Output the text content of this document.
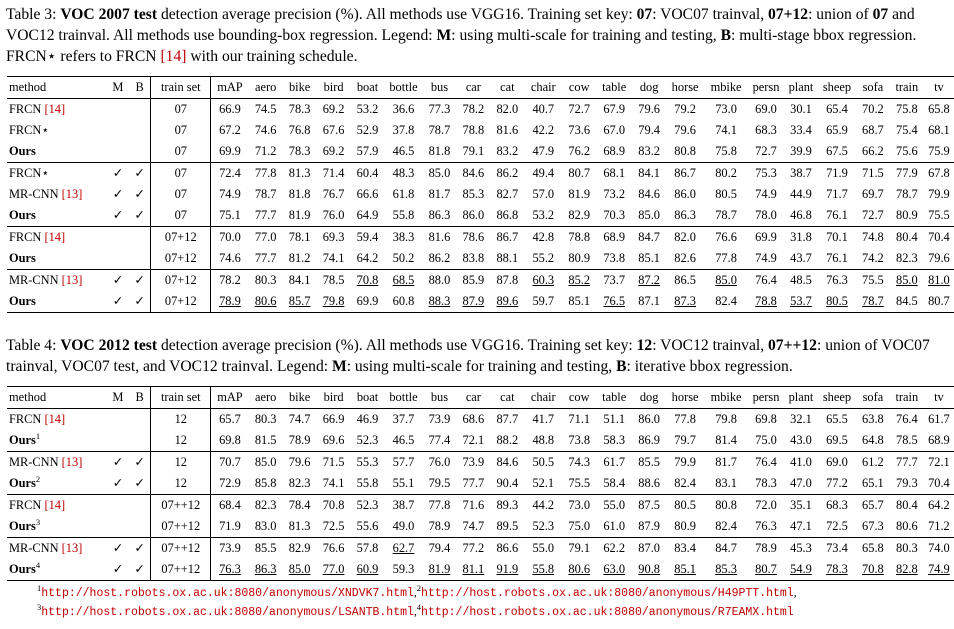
Table 3: VOC 2007 test detection average precision (%). All methods use VGG16. Training set key: 07: VOC07 trainval, 07+12: union of 07 and VOC12 trainval. All methods use bounding-box regression. Legend: M: using multi-scale for training and testing, B: multi-stage bbox regression. FRCN⋆ refers to FRCN [14] with our training schedule.
method	M	B	train set	mAP	aero	bike	bird	boat	bottle	bus	car	cat	chair	cow	table	dog	horse	mbike	persn	plant	sheep	sofa	train	tv
FRCN [14]			07	66.9	74.5	78.3	69.2	53.2	36.6	77.3	78.2	82.0	40.7	72.7	67.9	79.6	79.2	73.0	69.0	30.1	65.4	70.2	75.8	65.8
FRCN⋆			07	67.2	74.6	76.8	67.6	52.9	37.8	78.7	78.8	81.6	42.2	73.6	67.0	79.4	79.6	74.1	68.3	33.4	65.9	68.7	75.4	68.1
Ours			07	69.9	71.2	78.3	69.2	57.9	46.5	81.8	79.1	83.2	47.9	76.2	68.9	83.2	80.8	75.8	72.7	39.9	67.5	66.2	75.6	75.9
FRCN⋆	✓	✓	07	72.4	77.8	81.3	71.4	60.4	48.3	85.0	84.6	86.2	49.4	80.7	68.1	84.1	86.7	80.2	75.3	38.7	71.9	71.5	77.9	67.8
MR-CNN [13]	✓	✓	07	74.9	78.7	81.8	76.7	66.6	61.8	81.7	85.3	82.7	57.0	81.9	73.2	84.6	86.0	80.5	74.9	44.9	71.7	69.7	78.7	79.9
Ours	✓	✓	07	75.1	77.7	81.9	76.0	64.9	55.8	86.3	86.0	86.8	53.2	82.9	70.3	85.0	86.3	78.7	78.0	46.8	76.1	72.7	80.9	75.5
FRCN [14]			07+12	70.0	77.0	78.1	69.3	59.4	38.3	81.6	78.6	86.7	42.8	78.8	68.9	84.7	82.0	76.6	69.9	31.8	70.1	74.8	80.4	70.4
Ours			07+12	74.6	77.7	81.2	74.1	64.2	50.2	86.2	83.8	88.1	55.2	80.9	73.8	85.1	82.6	77.8	74.9	43.7	76.1	74.2	82.3	79.6
MR-CNN [13]	✓	✓	07+12	78.2	80.3	84.1	78.5	70.8	68.5	88.0	85.9	87.8	60.3	85.2	73.7	87.2	86.5	85.0	76.4	48.5	76.3	75.5	85.0	81.0
Ours	✓	✓	07+12	78.9	80.6	85.7	79.8	69.9	60.8	88.3	87.9	89.6	59.7	85.1	76.5	87.1	87.3	82.4	78.8	53.7	80.5	78.7	84.5	80.7
Table 4: VOC 2012 test detection average precision (%). All methods use VGG16. Training set key: 12: VOC12 trainval, 07++12: union of VOC07 trainval, VOC07 test, and VOC12 trainval. Legend: M: using multi-scale for training and testing, B: iterative bbox regression.
method	M	B	train set	mAP	aero	bike	bird	boat	bottle	bus	car	cat	chair	cow	table	dog	horse	mbike	persn	plant	sheep	sofa	train	tv
FRCN [14]			12	65.7	80.3	74.7	66.9	46.9	37.7	73.9	68.6	87.7	41.7	71.1	51.1	86.0	77.8	79.8	69.8	32.1	65.5	63.8	76.4	61.7
Ours$^1$			12	69.8	81.5	78.9	69.6	52.3	46.5	77.4	72.1	88.2	48.8	73.8	58.3	86.9	79.7	81.4	75.0	43.0	69.5	64.8	78.5	68.9
MR-CNN [13]	✓	✓	12	70.7	85.0	79.6	71.5	55.3	57.7	76.0	73.9	84.6	50.5	74.3	61.7	85.5	79.9	81.7	76.4	41.0	69.0	61.2	77.7	72.1
Ours$^2$	✓	✓	12	72.9	85.8	82.3	74.1	55.8	55.1	79.5	77.7	90.4	52.1	75.5	58.4	88.6	82.4	83.1	78.3	47.0	77.2	65.1	79.3	70.4
FRCN [14]			07++12	68.4	82.3	78.4	70.8	52.3	38.7	77.8	71.6	89.3	44.2	73.0	55.0	87.5	80.5	80.8	72.0	35.1	68.3	65.7	80.4	64.2
Ours$^3$			07++12	71.9	83.0	81.3	72.5	55.6	49.0	78.9	74.7	89.5	52.3	75.0	61.0	87.9	80.9	82.4	76.3	47.1	72.5	67.3	80.6	71.2
MR-CNN [13]	✓	✓	07++12	73.9	85.5	82.9	76.6	57.8	62.7	79.4	77.2	86.6	55.0	79.1	62.2	87.0	83.4	84.7	78.9	45.3	73.4	65.8	80.3	74.0
Ours$^4$	✓	✓	07++12	76.3	86.3	85.0	77.0	60.9	59.3	81.9	81.1	91.9	55.8	80.6	63.0	90.8	85.1	85.3	80.7	54.9	78.3	70.8	82.8	74.9
$^1$http://host.robots.ox.ac.uk:8080/anonymous/XNDVK7.html,$^2$http://host.robots.ox.ac.uk:8080/anonymous/H49PTT.html,
$^3$http://host.robots.ox.ac.uk:8080/anonymous/LSANTB.html,$^4$http://host.robots.ox.ac.uk:8080/anonymous/R7EAMX.html
